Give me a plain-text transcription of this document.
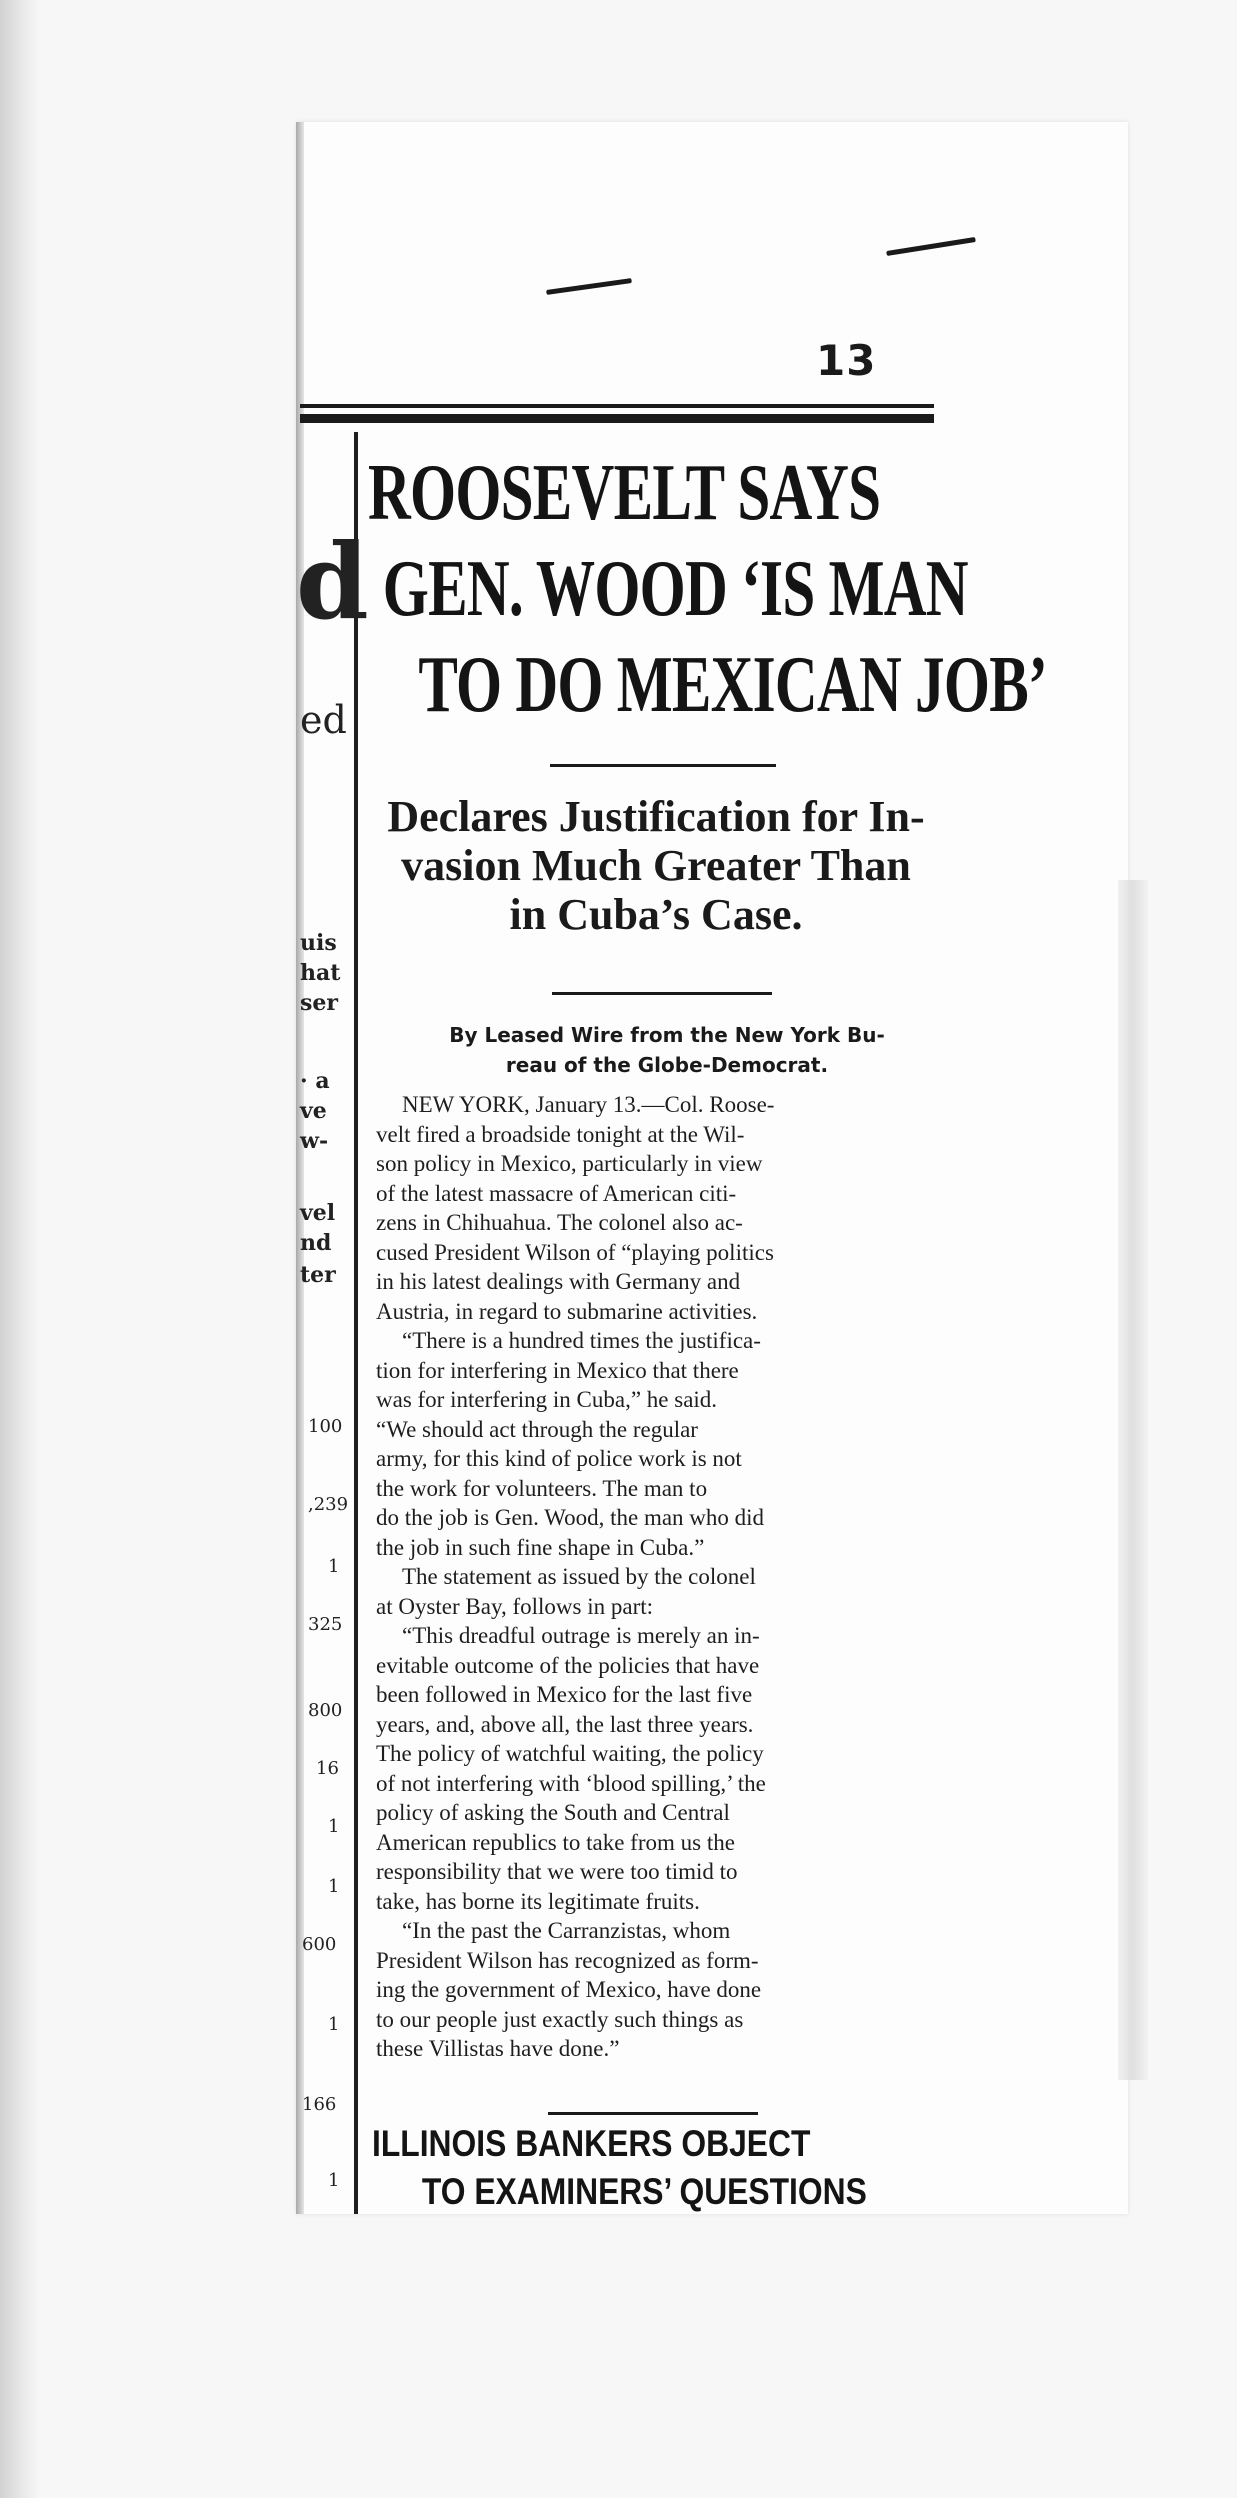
13
d
ed
uis
hat
ser
· a
ve
w-
vel
nd
ter
100
,239
1
325
800
16
1
1
600
1
166
1
ROOSEVELT SAYS
GEN. WOOD ‘IS MAN
TO DO MEXICAN JOB’
Declares Justification for In-
vasion Much Greater Than
in Cuba’s Case.
By Leased Wire from the New York Bu-
reau of the Globe-Democrat.
NEW YORK, January 13.—Col. Roose-
velt fired a broadside tonight at the Wil-
son policy in Mexico, particularly in view
of the latest massacre of American citi-
zens in Chihuahua. The colonel also ac-
cused President Wilson of “playing politics
in his latest dealings with Germany and
Austria, in regard to submarine activities.
“There is a hundred times the justifica-
tion for interfering in Mexico that there
was for interfering in Cuba,” he said.
“We should act through the regular
army, for this kind of police work is not
the work for volunteers. The man to
do the job is Gen. Wood, the man who did
the job in such fine shape in Cuba.”
The statement as issued by the colonel
at Oyster Bay, follows in part:
“This dreadful outrage is merely an in-
evitable outcome of the policies that have
been followed in Mexico for the last five
years, and, above all, the last three years.
The policy of watchful waiting, the policy
of not interfering with ‘blood spilling,’ the
policy of asking the South and Central
American republics to take from us the
responsibility that we were too timid to
take, has borne its legitimate fruits.
“In the past the Carranzistas, whom
President Wilson has recognized as form-
ing the government of Mexico, have done
to our people just exactly such things as
these Villistas have done.”
ILLINOIS BANKERS OBJECT
TO EXAMINERS’ QUESTIONS
